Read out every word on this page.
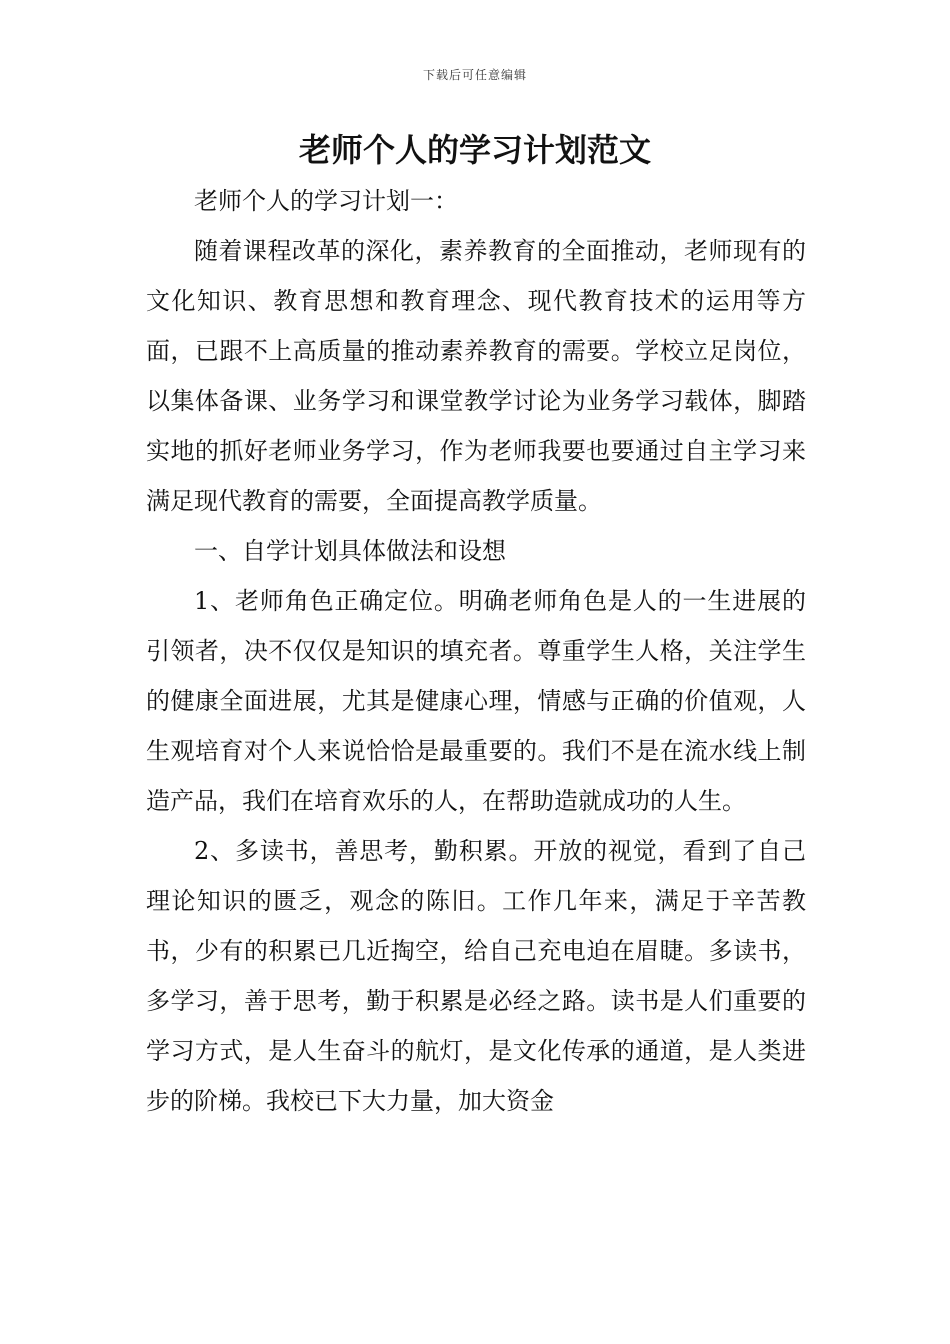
下载后可任意编辑
老师个人的学习计划范文

老师个人的学习计划一：

随着课程改革的深化，素养教育的全面推动，老师现有的文化知识、教育思想和教育理念、现代教育技术的运用等方面，已跟不上高质量的推动素养教育的需要。学校立足岗位，以集体备课、业务学习和课堂教学讨论为业务学习载体，脚踏实地的抓好老师业务学习，作为老师我要也要通过自主学习来满足现代教育的需要，全面提高教学质量。

一、自学计划具体做法和设想

1、老师角色正确定位。明确老师角色是人的一生进展的引领者，决不仅仅是知识的填充者。尊重学生人格，关注学生的健康全面进展，尤其是健康心理，情感与正确的价值观，人生观培育对个人来说恰恰是最重要的。我们不是在流水线上制造产品，我们在培育欢乐的人，在帮助造就成功的人生。

2、多读书，善思考，勤积累。开放的视觉，看到了自己理论知识的匮乏，观念的陈旧。工作几年来，满足于辛苦教书，少有的积累已几近掏空，给自己充电迫在眉睫。多读书，多学习，善于思考，勤于积累是必经之路。读书是人们重要的学习方式，是人生奋斗的航灯，是文化传承的通道，是人类进步的阶梯。我校已下大力量，加大资金
